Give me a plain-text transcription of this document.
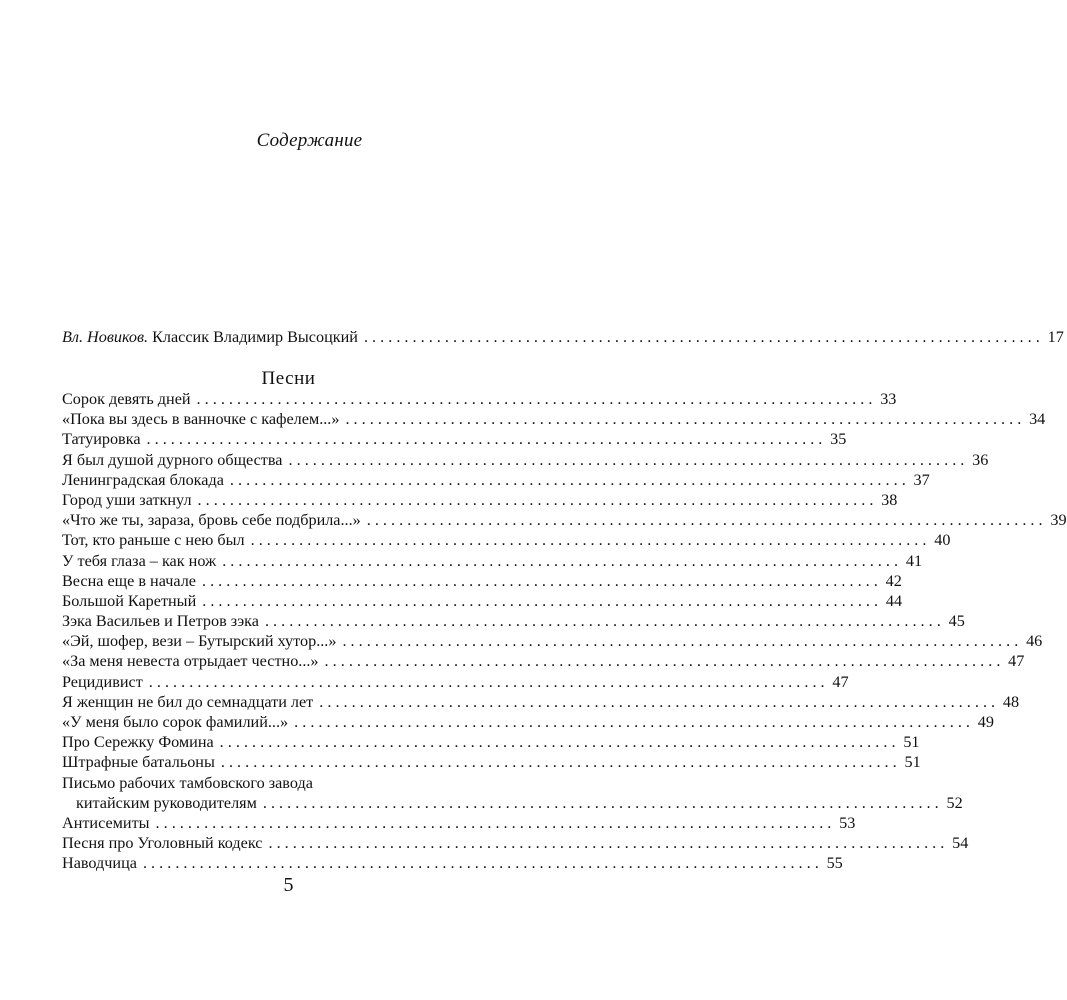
Содержание
Вл. Новиков. Классик Владимир Высоцкий . . .	17
Песни
Сорок девять дней . . .	33
«Пока вы здесь в ванночке с кафелем...» . . .	34
Татуировка . . .	35
Я был душой дурного общества . . .	36
Ленинградская блокада . . .	37
Город уши заткнул . . .	38
«Что же ты, зараза, бровь себе подбрила...» . . .	39
Тот, кто раньше с нею был . . .	40
У тебя глаза – как нож . . .	41
Весна еще в начале . . .	42
Большой Каретный . . .	44
Зэка Васильев и Петров зэка . . .	45
«Эй, шофер, вези – Бутырский хутор...» . . .	46
«За меня невеста отрыдает честно...» . . .	47
Рецидивист . . .	47
Я женщин не бил до семнадцати лет . . .	48
«У меня было сорок фамилий...» . . .	49
Про Сережку Фомина . . .	51
Штрафные батальоны . . .	51
Письмо рабочих тамбовского завода
китайским руководителям . . .	52
Антисемиты . . .	53
Песня про Уголовный кодекс . . .	54
Наводчица . . .	55
5
